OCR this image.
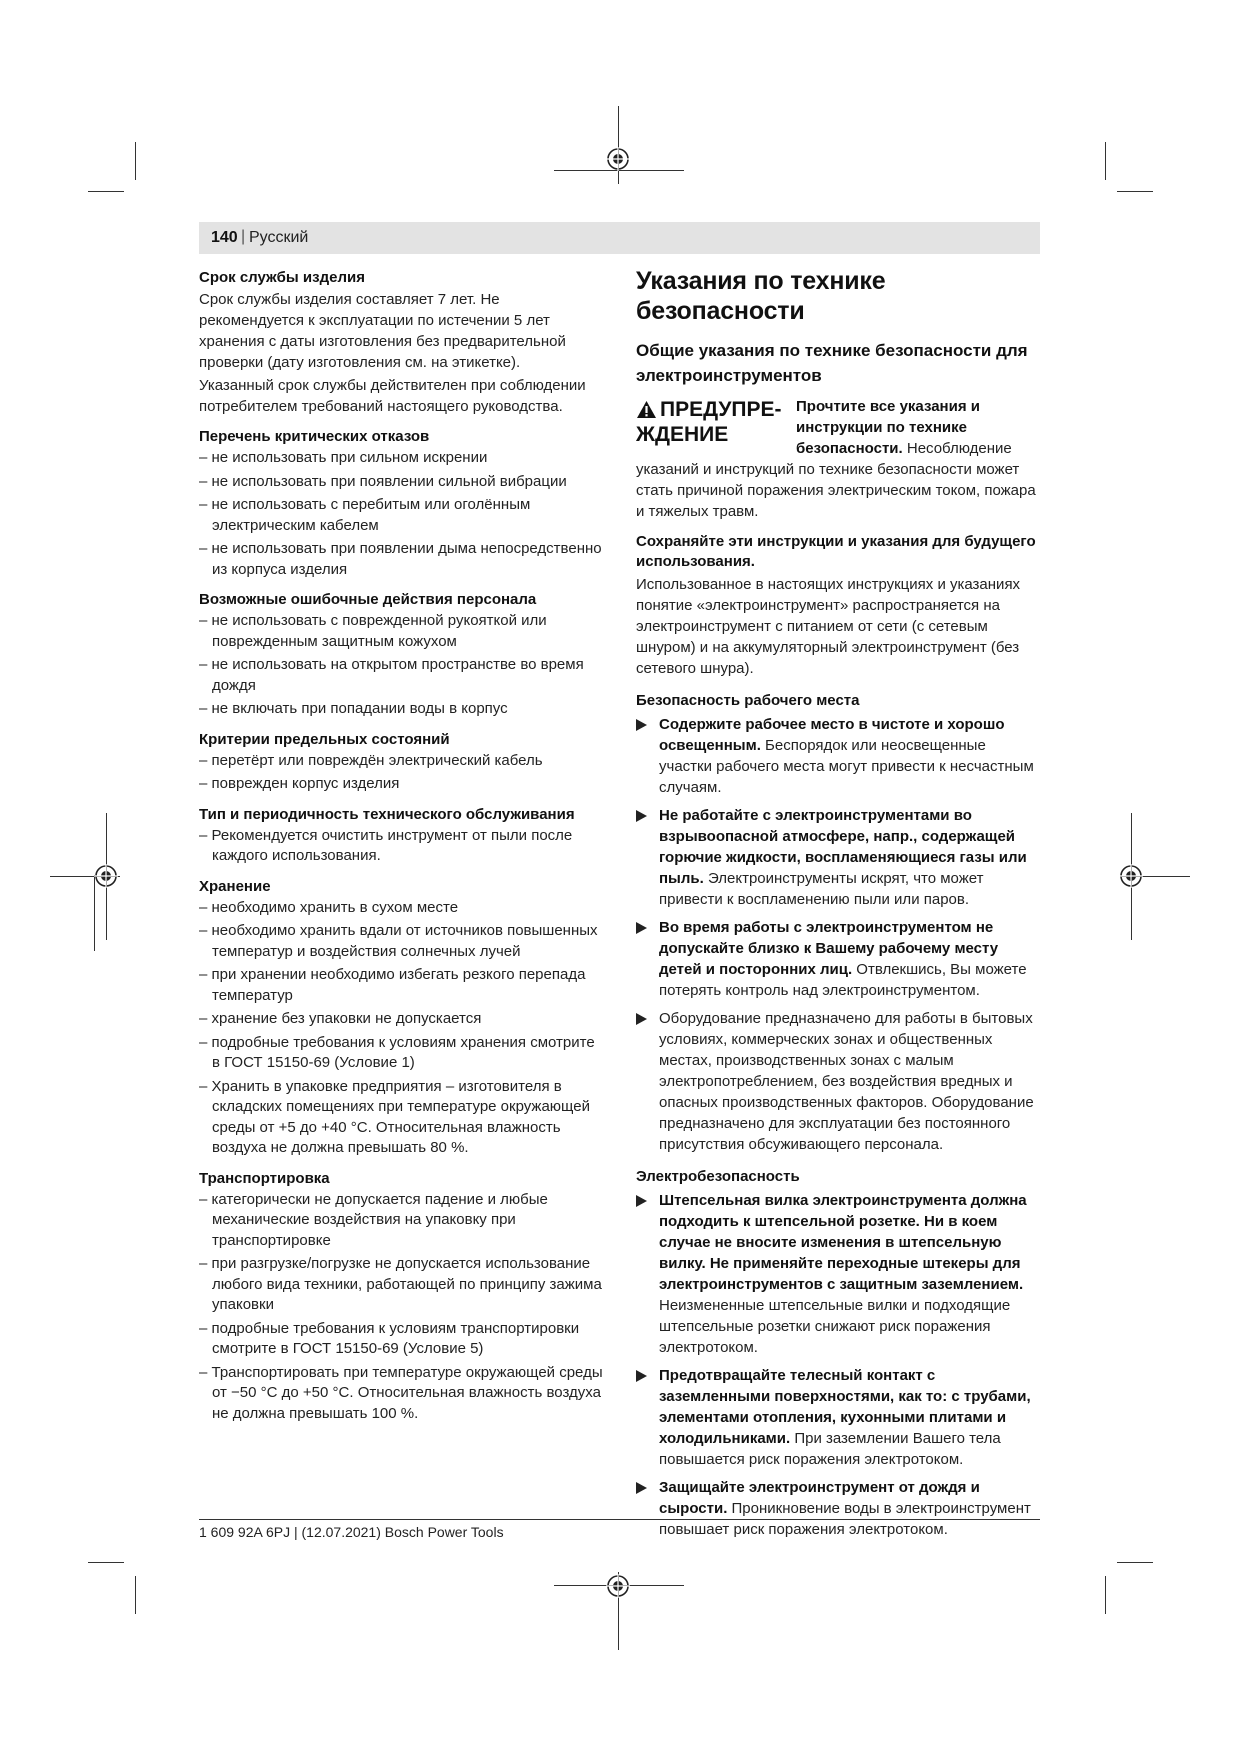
140 | Русский
Срок службы изделия
Срок службы изделия составляет 7 лет. Не рекомендуется к эксплуатации по истечении 5 лет хранения с даты изготовления без предварительной проверки (дату изготовления см. на этикетке).
Указанный срок службы действителен при соблюдении потребителем требований настоящего руководства.
Перечень критических отказов
– не использовать при сильном искрении
– не использовать при появлении сильной вибрации
– не использовать с перебитым или оголённым электрическим кабелем
– не использовать при появлении дыма непосредственно из корпуса изделия
Возможные ошибочные действия персонала
– не использовать с поврежденной рукояткой или поврежденным защитным кожухом
– не использовать на открытом пространстве во время дождя
– не включать при попадании воды в корпус
Критерии предельных состояний
– перетёрт или повреждён электрический кабель
– поврежден корпус изделия
Тип и периодичность технического обслуживания
– Рекомендуется очистить инструмент от пыли после каждого использования.
Хранение
– необходимо хранить в сухом месте
– необходимо хранить вдали от источников повышенных температур и воздействия солнечных лучей
– при хранении необходимо избегать резкого перепада температур
– хранение без упаковки не допускается
– подробные требования к условиям хранения смотрите в ГОСТ 15150-69 (Условие 1)
– Хранить в упаковке предприятия – изготовителя в складских помещениях при температуре окружающей среды от +5 до +40 °C. Относительная влажность воздуха не должна превышать 80 %.
Транспортировка
– категорически не допускается падение и любые механические воздействия на упаковку при транспортировке
– при разгрузке/погрузке не допускается использование любого вида техники, работающей по принципу зажима упаковки
– подробные требования к условиям транспортировки смотрите в ГОСТ 15150-69 (Условие 5)
– Транспортировать при температуре окружающей среды от −50 °C до +50 °C. Относительная влажность воздуха не должна превышать 100 %.
Указания по технике безопасности
Общие указания по технике безопасности для электроинструментов
ПРЕДУПРЕ-ЖДЕНИЕ
Прочтите все указания и инструкции по технике безопасности. Несоблюдение указаний и инструкций по технике безопасности может стать причиной поражения электрическим током, пожара и тяжелых травм.
Сохраняйте эти инструкции и указания для будущего использования.
Использованное в настоящих инструкциях и указаниях понятие «электроинструмент» распространяется на электроинструмент с питанием от сети (с сетевым шнуром) и на аккумуляторный электроинструмент (без сетевого шнура).
Безопасность рабочего места
Содержите рабочее место в чистоте и хорошо освещенным. Беспорядок или неосвещенные участки рабочего места могут привести к несчастным случаям.
Не работайте с электроинструментами во взрывоопасной атмосфере, напр., содержащей горючие жидкости, воспламеняющиеся газы или пыль. Электроинструменты искрят, что может привести к воспламенению пыли или паров.
Во время работы с электроинструментом не допускайте близко к Вашему рабочему месту детей и посторонних лиц. Отвлекшись, Вы можете потерять контроль над электроинструментом.
Оборудование предназначено для работы в бытовых условиях, коммерческих зонах и общественных местах, производственных зонах с малым электропотреблением, без воздействия вредных и опасных производственных факторов. Оборудование предназначено для эксплуатации без постоянного присутствия обсуживающего персонала.
Электробезопасность
Штепсельная вилка электроинструмента должна подходить к штепсельной розетке. Ни в коем случае не вносите изменения в штепсельную вилку. Не применяйте переходные штекеры для электроинструментов с защитным заземлением. Неизмененные штепсельные вилки и подходящие штепсельные розетки снижают риск поражения электротоком.
Предотвращайте телесный контакт с заземленными поверхностями, как то: с трубами, элементами отопления, кухонными плитами и холодильниками. При заземлении Вашего тела повышается риск поражения электротоком.
Защищайте электроинструмент от дождя и сырости. Проникновение воды в электроинструмент повышает риск поражения электротоком.
1 609 92A 6PJ | (12.07.2021) Bosch Power Tools
